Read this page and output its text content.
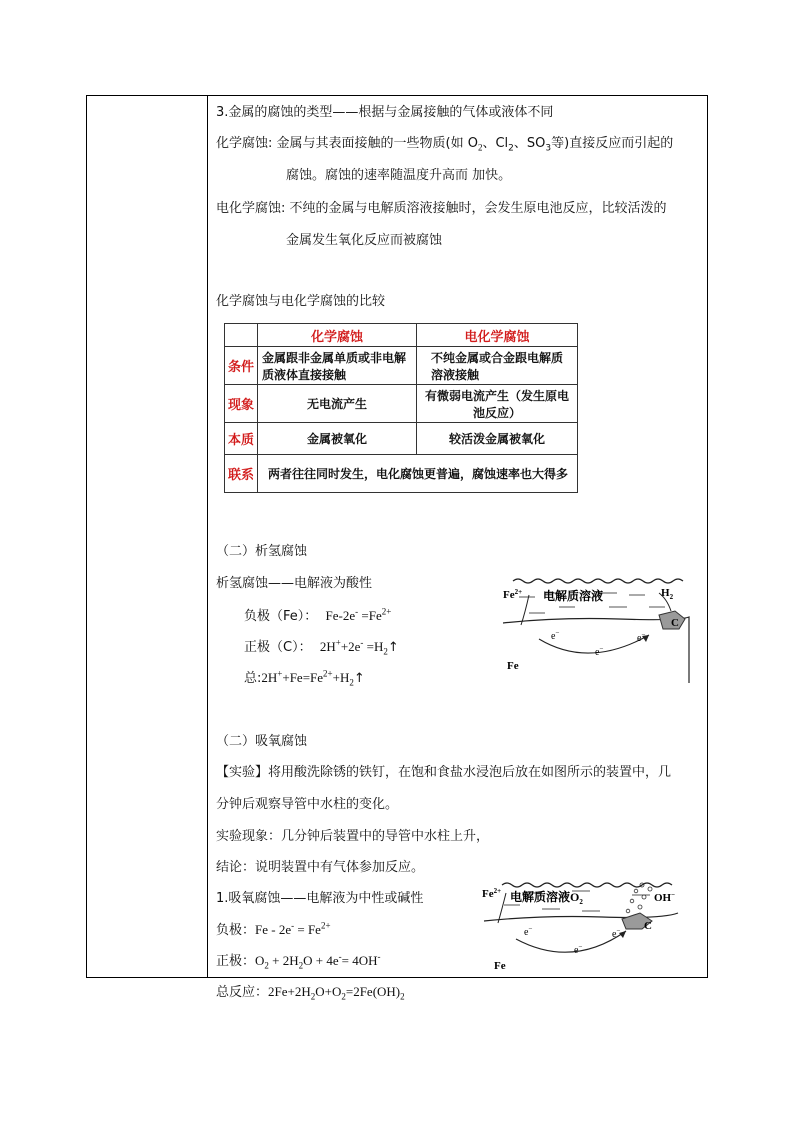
3.金属的腐蚀的类型——根据与金属接触的气体或液体不同
化学腐蚀: 金属与其表面接触的一些物质(如 $O_2$、$Cl_2$、$SO_3$等)直接反应而引起的
腐蚀。腐蚀的速率随温度升高而 加快。
电化学腐蚀: 不纯的金属与电解质溶液接触时，会发生原电池反应，比较活泼的
金属发生氧化反应而被腐蚀
化学腐蚀与电化学腐蚀的比较
	化学腐蚀	电化学腐蚀
条件	金属跟非金属单质或非电解质液体直接接触	不纯金属或合金跟电解质溶液接触
现象	无电流产生	有微弱电流产生（发生原电池反应）
本质	金属被氧化	较活泼金属被氧化
联系	两者往往同时发生，电化腐蚀更普遍，腐蚀速率也大得多	
（二）析氢腐蚀
析氢腐蚀——电解液为酸性
负极（Fe）： $Fe-2e^- =Fe^{2+}$
正极（C）： $2H^++2e^- =H_2↑$
总$:2H^++Fe=Fe^{2+}+H_2↑$
C
$Fe^{2+}$ 电解质溶液	$H_2$
e−
e−
e−
Fe
（二）吸氧腐蚀
【实验】将用酸洗除锈的铁钉，在饱和食盐水浸泡后放在如图所示的装置中，几
分钟后观察导管中水柱的变化。
实验现象：几分钟后装置中的导管中水柱上升，
结论：说明装置中有气体参加反应。
1.吸氧腐蚀——电解液为中性或碱性
负极：$Fe - 2e^- = Fe^{2+}$
正极：$O_2 + 2H_2O + 4e^-= 4OH^-$
总反应：$2Fe+2H_2O+O_2=2Fe(OH)_2$
C
$Fe^{2+}$ 电解质溶液$O_2$	OH−
e−
e−
e−
Fe
